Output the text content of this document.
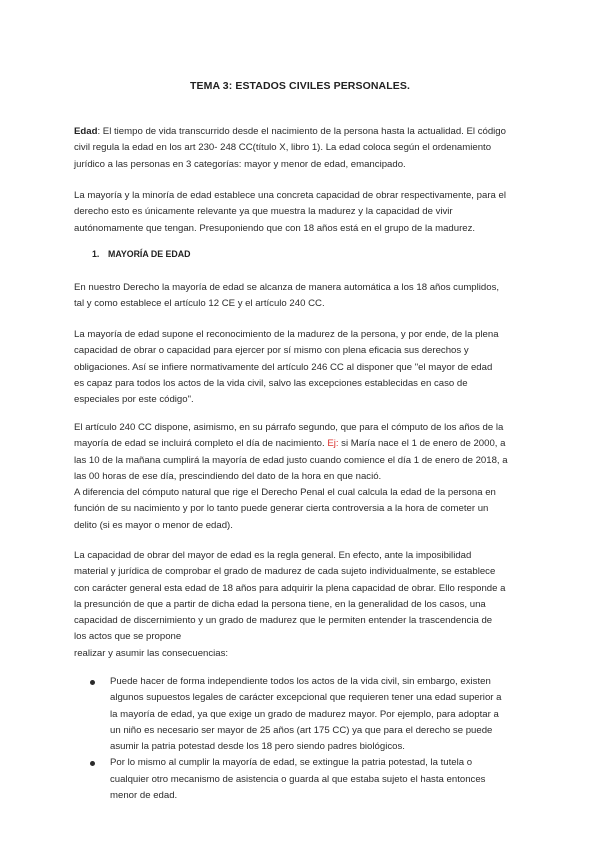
TEMA 3: ESTADOS CIVILES PERSONALES.
Edad: El tiempo de vida transcurrido desde el nacimiento de la persona hasta la actualidad. El código
civil regula la edad en los art 230- 248 CC(título X, libro 1). La edad coloca según el ordenamiento
jurídico a las personas en 3 categorías: mayor y menor de edad, emancipado.
La mayoría y la minoría de edad establece una concreta capacidad de obrar respectivamente, para el
derecho esto es únicamente relevante ya que muestra la madurez y la capacidad de vivir
autónomamente que tengan. Presuponiendo que con 18 años está en el grupo de la madurez.
1. MAYORÍA DE EDAD
En nuestro Derecho la mayoría de edad se alcanza de manera automática a los 18 años cumplidos,
tal y como establece el artículo 12 CE y el artículo 240 CC.
La mayoría de edad supone el reconocimiento de la madurez de la persona, y por ende, de la plena
capacidad de obrar o capacidad para ejercer por sí mismo con plena eficacia sus derechos y
obligaciones. Así se infiere normativamente del artículo 246 CC al disponer que "el mayor de edad
es capaz para todos los actos de la vida civil, salvo las excepciones establecidas en caso de
especiales por este código".
El artículo 240 CC dispone, asimismo, en su párrafo segundo, que para el cómputo de los años de la
mayoría de edad se incluirá completo el día de nacimiento. Ej: si María nace el 1 de enero de 2000, a
las 10 de la mañana cumplirá la mayoría de edad justo cuando comience el día 1 de enero de 2018, a
las 00 horas de ese día, prescindiendo del dato de la hora en que nació.
A diferencia del cómputo natural que rige el Derecho Penal el cual calcula la edad de la persona en
función de su nacimiento y por lo tanto puede generar cierta controversia a la hora de cometer un
delito (si es mayor o menor de edad).
La capacidad de obrar del mayor de edad es la regla general. En efecto, ante la imposibilidad
material y jurídica de comprobar el grado de madurez de cada sujeto individualmente, se establece
con carácter general esta edad de 18 años para adquirir la plena capacidad de obrar. Ello responde a
la presunción de que a partir de dicha edad la persona tiene, en la generalidad de los casos, una
capacidad de discernimiento y un grado de madurez que le permiten entender la trascendencia de
los actos que se propone
realizar y asumir las consecuencias:
Puede hacer de forma independiente todos los actos de la vida civil, sin embargo, existen
algunos supuestos legales de carácter excepcional que requieren tener una edad superior a
la mayoría de edad, ya que exige un grado de madurez mayor. Por ejemplo, para adoptar a
un niño es necesario ser mayor de 25 años (art 175 CC) ya que para el derecho se puede
asumir la patria potestad desde los 18 pero siendo padres biológicos.
Por lo mismo al cumplir la mayoría de edad, se extingue la patria potestad, la tutela o
cualquier otro mecanismo de asistencia o guarda al que estaba sujeto el hasta entonces
menor de edad.
